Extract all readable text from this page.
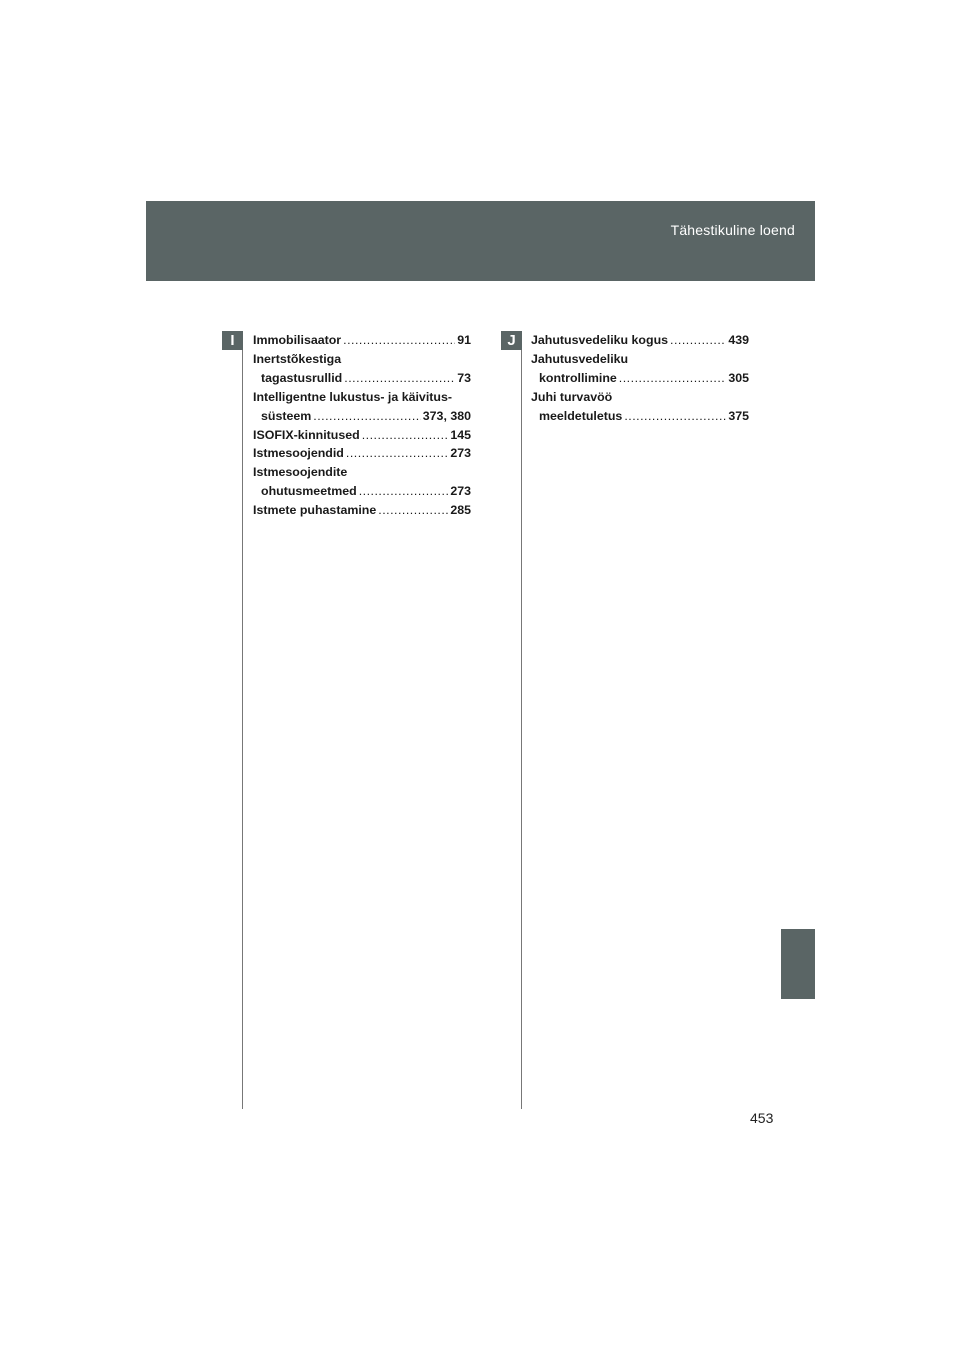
Tähestikuline loend
I	J
Immobilisaator .....	91
Inertstõkestiga
tagastusrullid .....	73
Intelligentne lukustus- ja käivitus-
süsteem .....	373, 380
ISOFIX-kinnitused .....	145
Istmesoojendid .....	273
Istmesoojendite
ohutusmeetmed .....	273
Istmete puhastamine .....	285
Jahutusvedeliku kogus .....	439
Jahutusvedeliku
kontrollimine .....	305
Juhi turvavöö
meeldetuletus .....	375
453
